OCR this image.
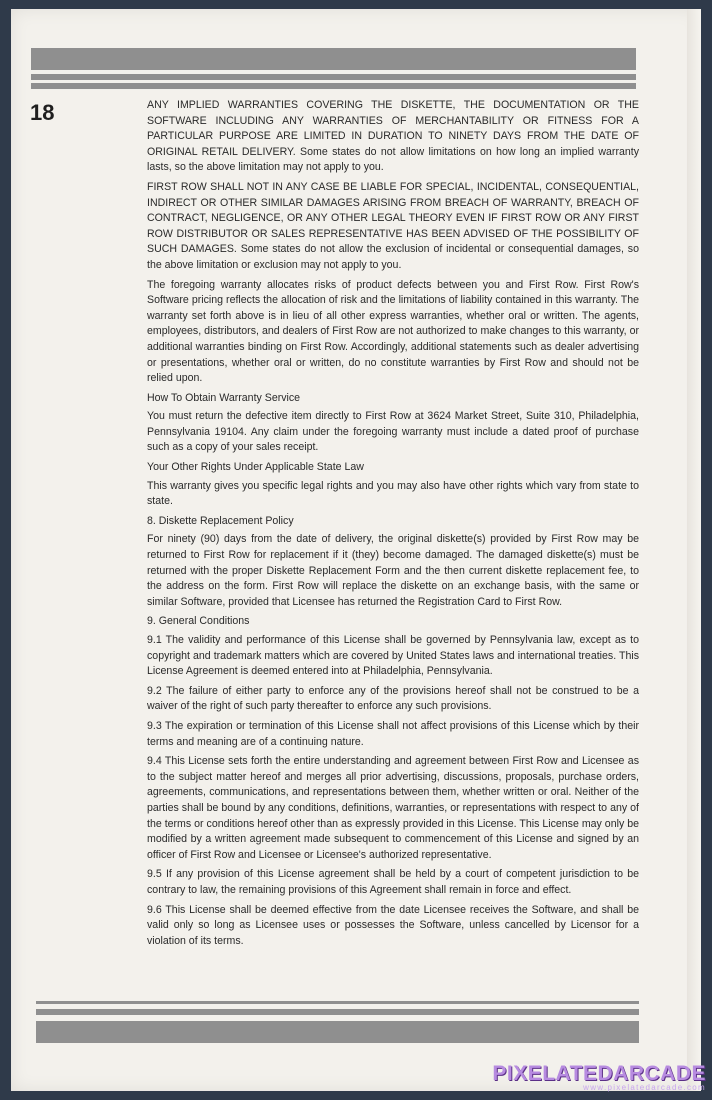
18	ANY IMPLIED WARRANTIES COVERING THE DISKETTE, THE DOCUMENTATION OR THE SOFTWARE INCLUDING ANY WARRANTIES OF MERCHANTABILITY OR FITNESS FOR A PARTICULAR PURPOSE ARE LIMITED IN DURATION TO NINETY DAYS FROM THE DATE OF ORIGINAL RETAIL DELIVERY. Some states do not allow limitations on how long an implied warranty lasts, so the above limitation may not apply to you.

FIRST ROW SHALL NOT IN ANY CASE BE LIABLE FOR SPECIAL, INCIDENTAL, CONSEQUENTIAL, INDIRECT OR OTHER SIMILAR DAMAGES ARISING FROM BREACH OF WARRANTY, BREACH OF CONTRACT, NEGLIGENCE, OR ANY OTHER LEGAL THEORY EVEN IF FIRST ROW OR ANY FIRST ROW DISTRIBUTOR OR SALES REPRESENTATIVE HAS BEEN ADVISED OF THE POSSIBILITY OF SUCH DAMAGES. Some states do not allow the exclusion of incidental or consequential damages, so the above limitation or exclusion may not apply to you.

The foregoing warranty allocates risks of product defects between you and First Row. First Row's Software pricing reflects the allocation of risk and the limitations of liability contained in this warranty. The warranty set forth above is in lieu of all other express warranties, whether oral or written. The agents, employees, distributors, and dealers of First Row are not authorized to make changes to this warranty, or additional warranties binding on First Row. Accordingly, additional statements such as dealer advertising or presentations, whether oral or written, do no constitute warranties by First Row and should not be relied upon.

How To Obtain Warranty Service

You must return the defective item directly to First Row at 3624 Market Street, Suite 310, Philadelphia, Pennsylvania 19104. Any claim under the foregoing warranty must include a dated proof of purchase such as a copy of your sales receipt.

Your Other Rights Under Applicable State Law

This warranty gives you specific legal rights and you may also have other rights which vary from state to state.

8. Diskette Replacement Policy

For ninety (90) days from the date of delivery, the original diskette(s) provided by First Row may be returned to First Row for replacement if it (they) become damaged. The damaged diskette(s) must be returned with the proper Diskette Replacement Form and the then current diskette replacement fee, to the address on the form. First Row will replace the diskette on an exchange basis, with the same or similar Software, provided that Licensee has returned the Registration Card to First Row.

9. General Conditions

9.1 The validity and performance of this License shall be governed by Pennsylvania law, except as to copyright and trademark matters which are covered by United States laws and international treaties. This License Agreement is deemed entered into at Philadelphia, Pennsylvania.

9.2 The failure of either party to enforce any of the provisions hereof shall not be construed to be a waiver of the right of such party thereafter to enforce any such provisions.

9.3 The expiration or termination of this License shall not affect provisions of this License which by their terms and meaning are of a continuing nature.

9.4 This License sets forth the entire understanding and agreement between First Row and Licensee as to the subject matter hereof and merges all prior advertising, discussions, proposals, purchase orders, agreements, communications, and representations between them, whether written or oral. Neither of the parties shall be bound by any conditions, definitions, warranties, or representations with respect to any of the terms or conditions hereof other than as expressly provided in this License. This License may only be modified by a written agreement made subsequent to commencement of this License and signed by an officer of First Row and Licensee or Licensee's authorized representative.

9.5 If any provision of this License agreement shall be held by a court of competent jurisdiction to be contrary to law, the remaining provisions of this Agreement shall remain in force and effect.

9.6 This License shall be deemed effective from the date Licensee receives the Software, and shall be valid only so long as Licensee uses or possesses the Software, unless cancelled by Licensor for a violation of its terms.

PIXELATEDARCADE
www.pixelatedarcade.com
